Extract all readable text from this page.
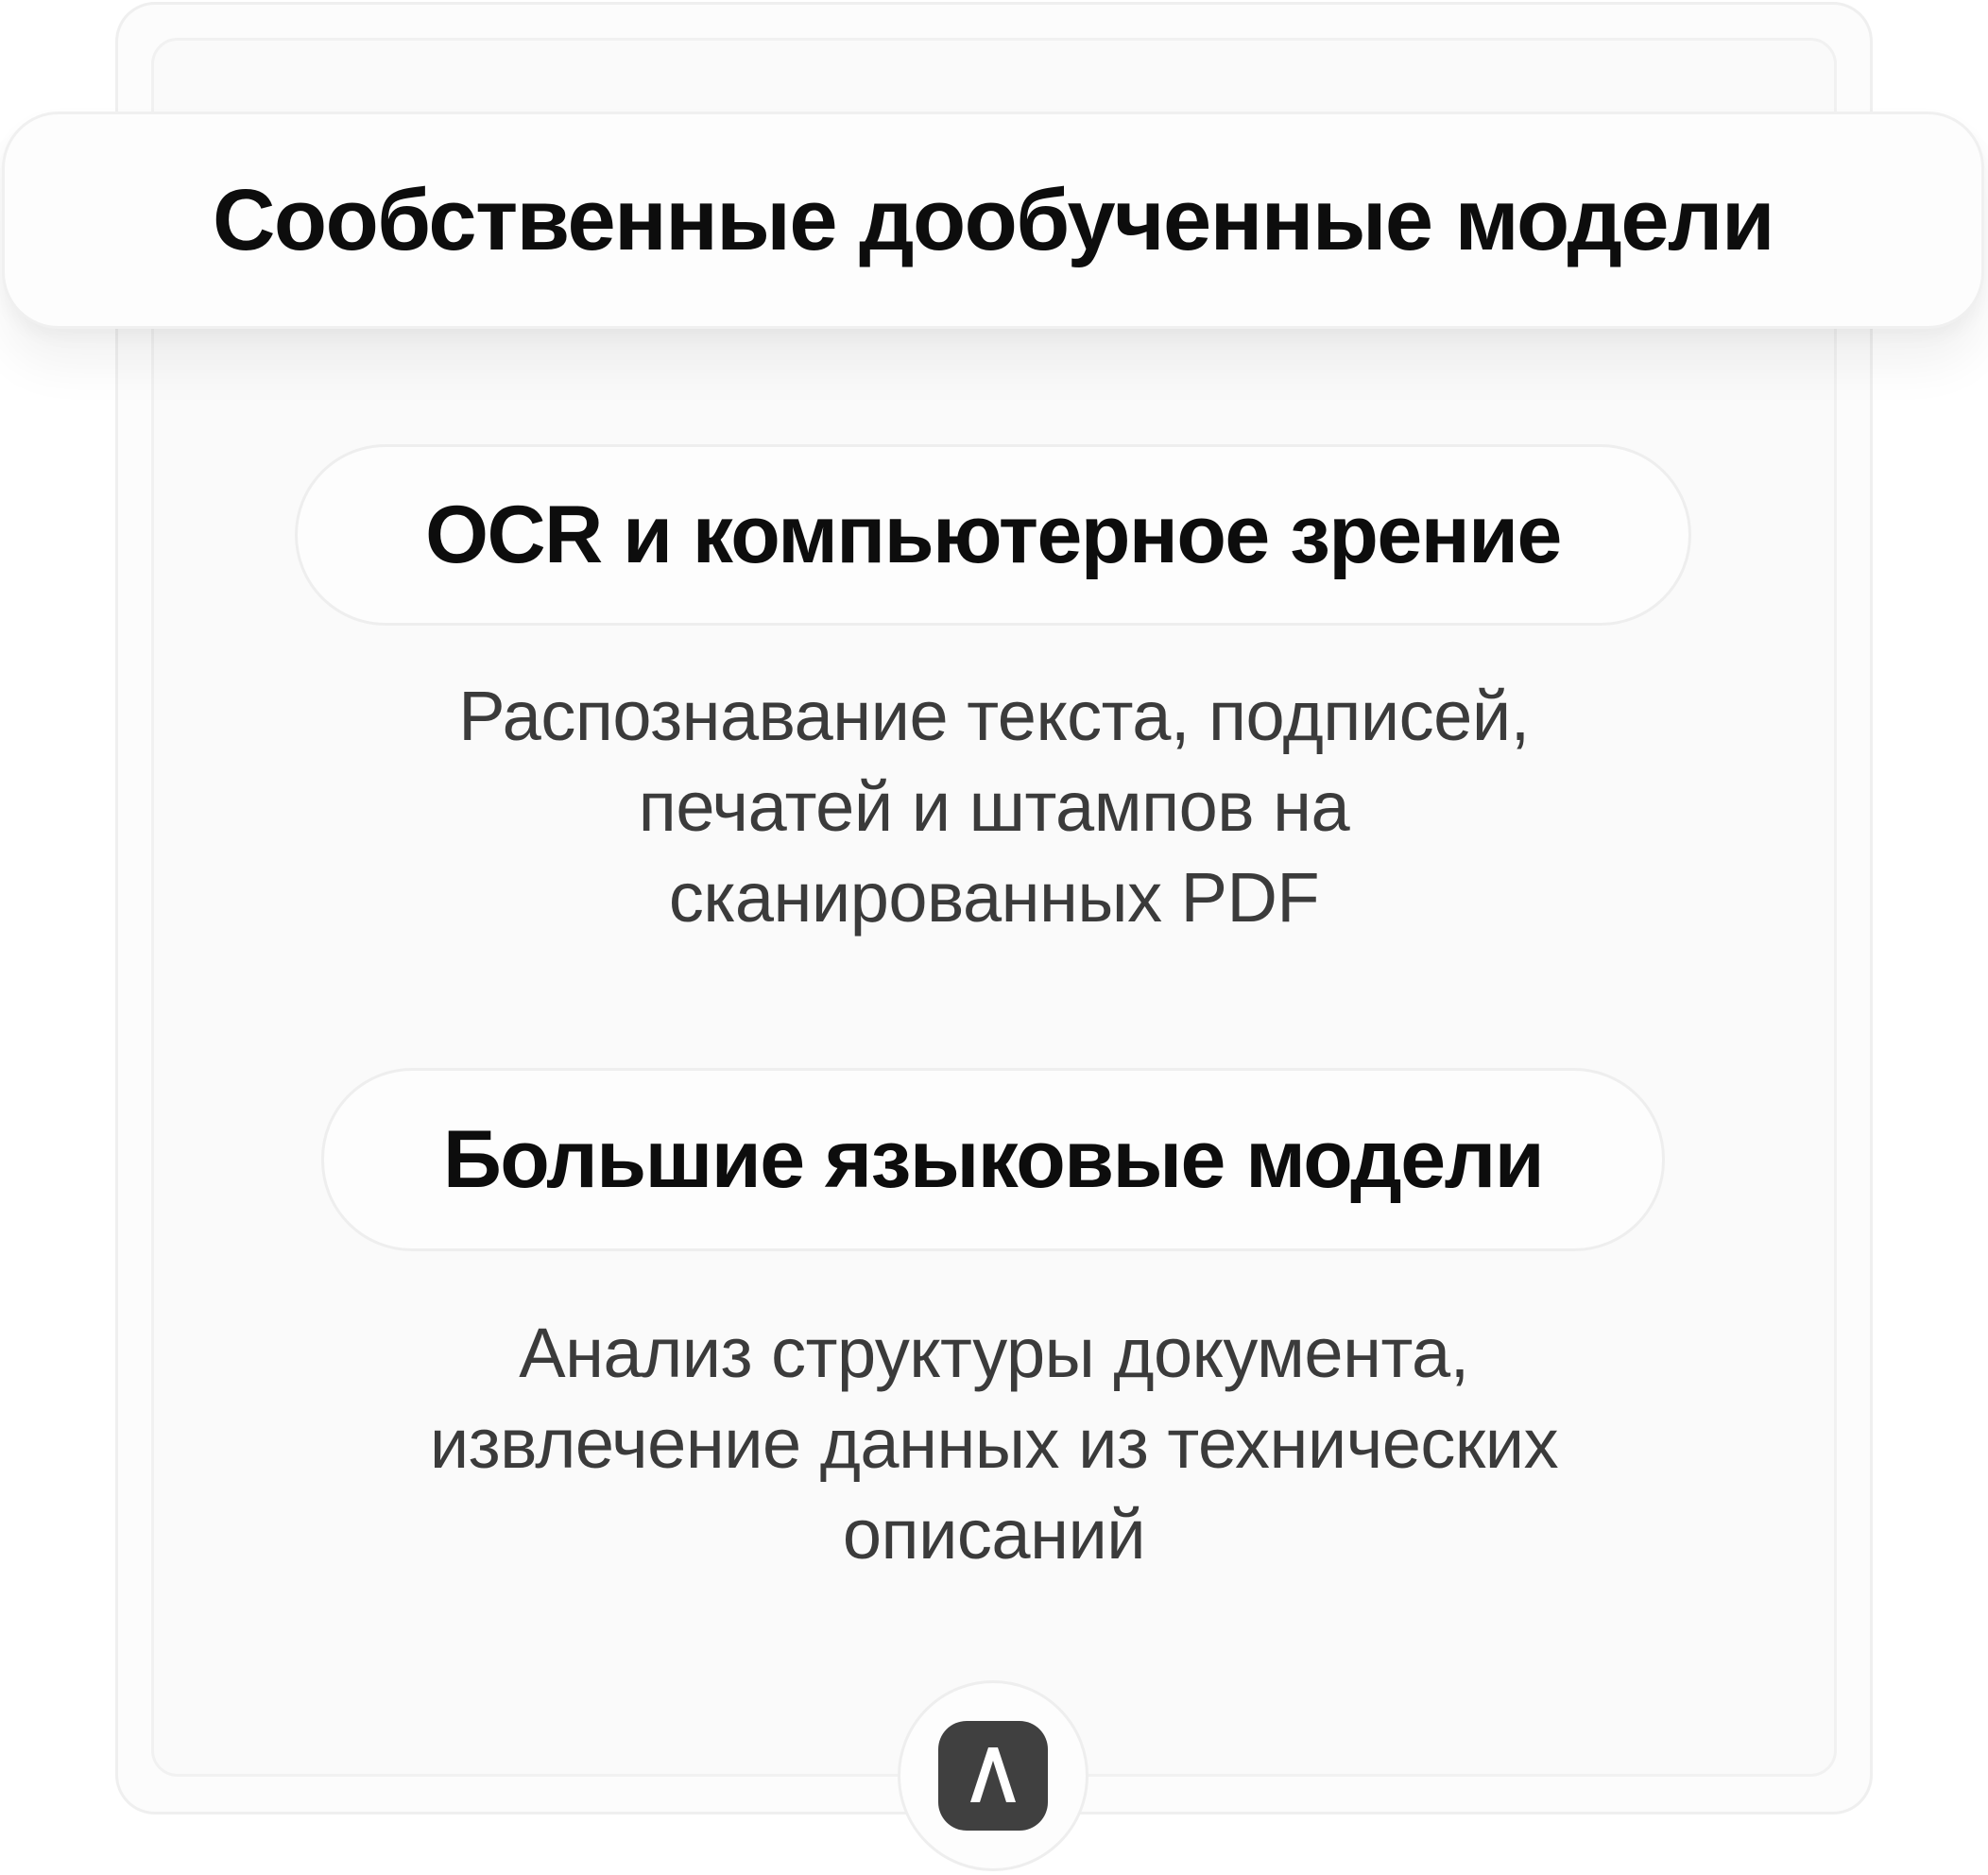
Сообственные дообученные модели
OCR и компьютерное зрение
Распознавание текста, подписей,
печатей и штампов на
сканированных PDF
Большие языковые модели
Анализ структуры документа,
извлечение данных из технических
описаний
